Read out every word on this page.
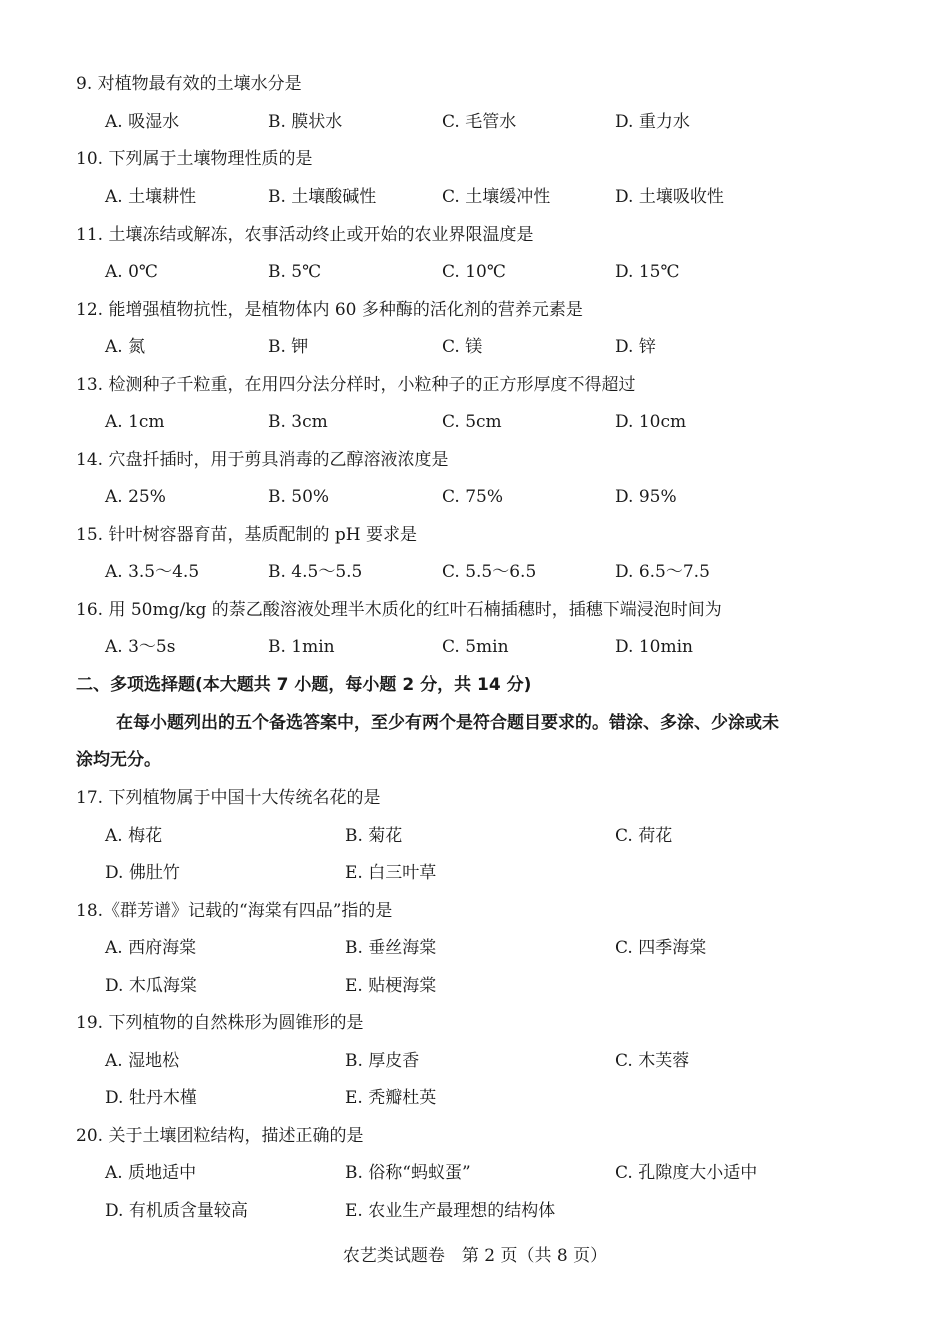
9. 对植物最有效的土壤水分是
A. 吸湿水	B. 膜状水	C. 毛管水	D. 重力水
10. 下列属于土壤物理性质的是
A. 土壤耕性	B. 土壤酸碱性	C. 土壤缓冲性	D. 土壤吸收性
11. 土壤冻结或解冻，农事活动终止或开始的农业界限温度是
A. 0℃	B. 5℃	C. 10℃	D. 15℃
12. 能增强植物抗性，是植物体内 60 多种酶的活化剂的营养元素是
A. 氮	B. 钾	C. 镁	D. 锌
13. 检测种子千粒重，在用四分法分样时，小粒种子的正方形厚度不得超过
A. 1cm	B. 3cm	C. 5cm	D. 10cm
14. 穴盘扦插时，用于剪具消毒的乙醇溶液浓度是
A. 25%	B. 50%	C. 75%	D. 95%
15. 针叶树容器育苗，基质配制的 pH 要求是
A. 3.5～4.5	B. 4.5～5.5	C. 5.5～6.5	D. 6.5～7.5
16. 用 50mg/kg 的萘乙酸溶液处理半木质化的红叶石楠插穗时，插穗下端浸泡时间为
A. 3～5s	B. 1min	C. 5min	D. 10min
二、多项选择题(本大题共 7 小题，每小题 2 分，共 14 分)
在每小题列出的五个备选答案中，至少有两个是符合题目要求的。错涂、多涂、少涂或未
涂均无分。
17. 下列植物属于中国十大传统名花的是
A. 梅花	B. 菊花	C. 荷花
D. 佛肚竹	E. 白三叶草
18.《群芳谱》记载的“海棠有四品”指的是
A. 西府海棠	B. 垂丝海棠	C. 四季海棠
D. 木瓜海棠	E. 贴梗海棠
19. 下列植物的自然株形为圆锥形的是
A. 湿地松	B. 厚皮香	C. 木芙蓉
D. 牡丹木槿	E. 秃瓣杜英
20. 关于土壤团粒结构，描述正确的是
A. 质地适中	B. 俗称“蚂蚁蛋”	C. 孔隙度大小适中
D. 有机质含量较高	E. 农业生产最理想的结构体
农艺类试题卷　第 2 页（共 8 页）
